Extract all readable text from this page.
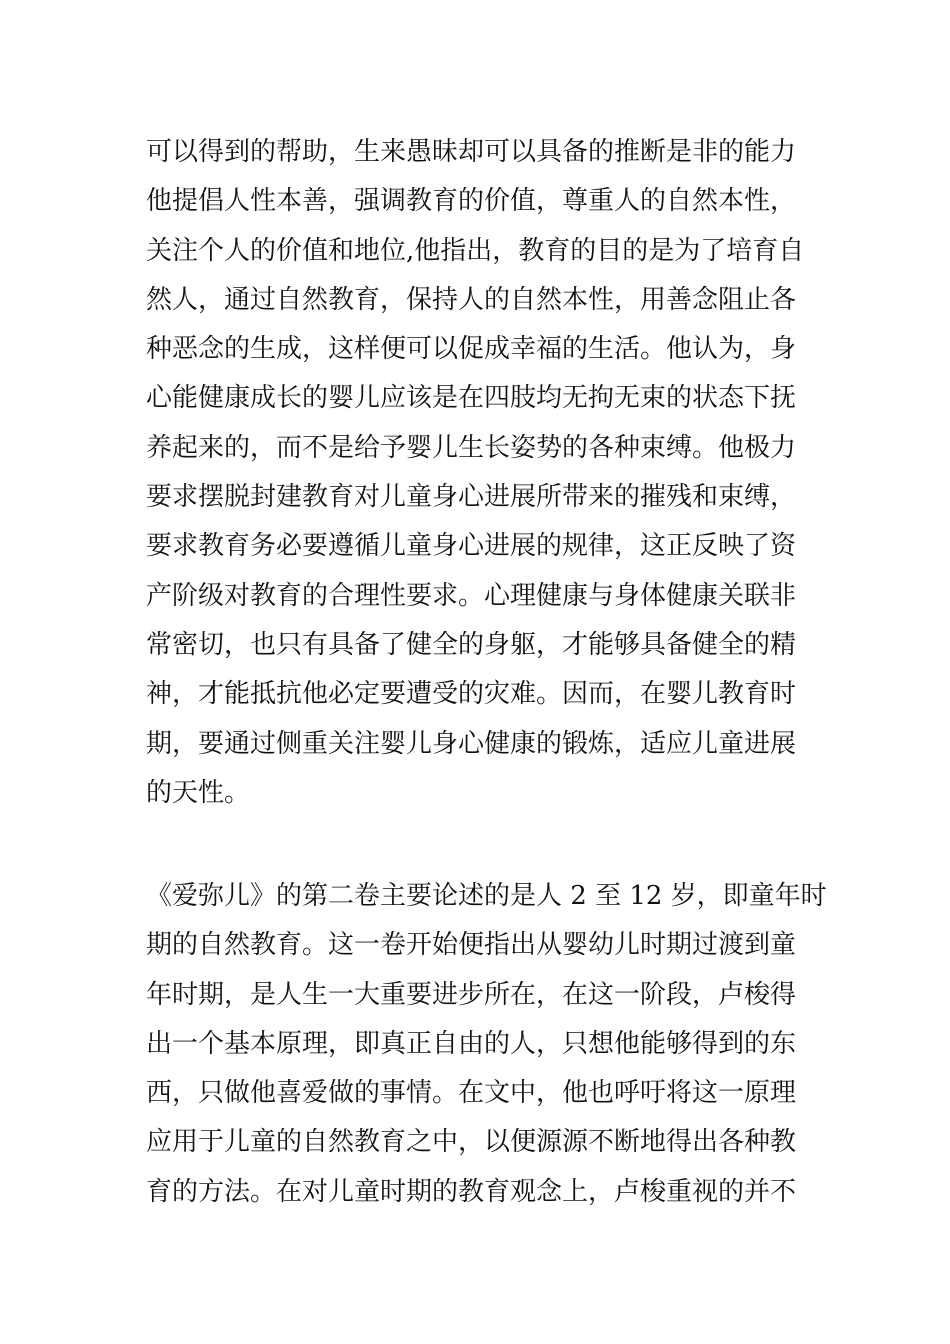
可以得到的帮助，生来愚昧却可以具备的推断是非的能力
他提倡人性本善，强调教育的价值，尊重人的自然本性，
关注个人的价值和地位,他指出，教育的目的是为了培育自
然人，通过自然教育，保持人的自然本性，用善念阻止各
种恶念的生成，这样便可以促成幸福的生活。他认为，身
心能健康成长的婴儿应该是在四肢均无拘无束的状态下抚
养起来的，而不是给予婴儿生长姿势的各种束缚。他极力
要求摆脱封建教育对儿童身心进展所带来的摧残和束缚，
要求教育务必要遵循儿童身心进展的规律，这正反映了资
产阶级对教育的合理性要求。心理健康与身体健康关联非
常密切，也只有具备了健全的身躯，才能够具备健全的精
神，才能抵抗他必定要遭受的灾难。因而，在婴儿教育时
期，要通过侧重关注婴儿身心健康的锻炼，适应儿童进展
的天性。
《爱弥儿》的第二卷主要论述的是人 2 至 12 岁，即童年时
期的自然教育。这一卷开始便指出从婴幼儿时期过渡到童
年时期，是人生一大重要进步所在，在这一阶段，卢梭得
出一个基本原理，即真正自由的人，只想他能够得到的东
西，只做他喜爱做的事情。在文中，他也呼吁将这一原理
应用于儿童的自然教育之中，以便源源不断地得出各种教
育的方法。在对儿童时期的教育观念上，卢梭重视的并不
